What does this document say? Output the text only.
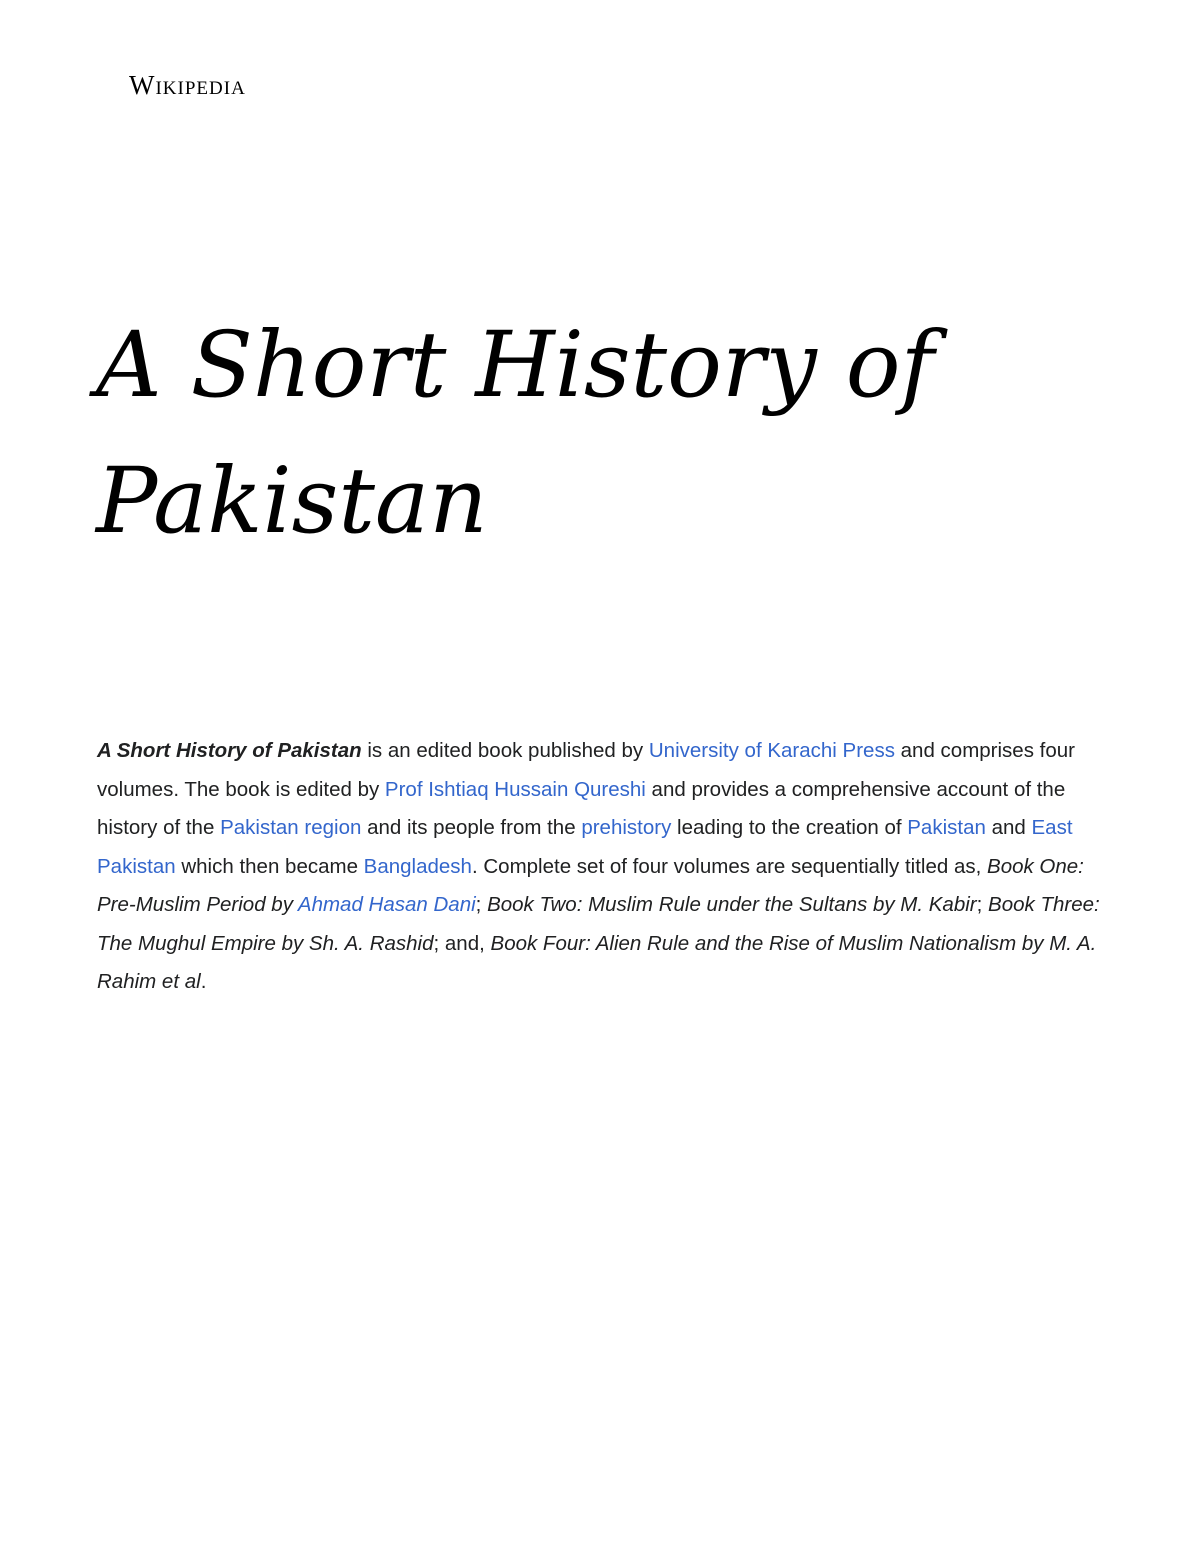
Wikipedia
A Short History of Pakistan

A Short History of Pakistan is an edited book published by University of Karachi Press and comprises four volumes. The book is edited by Prof Ishtiaq Hussain Qureshi and provides a comprehensive account of the history of the Pakistan region and its people from the prehistory leading to the creation of Pakistan and East Pakistan which then became Bangladesh. Complete set of four volumes are sequentially titled as, Book One: Pre-Muslim Period by Ahmad Hasan Dani; Book Two: Muslim Rule under the Sultans by M. Kabir; Book Three: The Mughul Empire by Sh. A. Rashid; and, Book Four: Alien Rule and the Rise of Muslim Nationalism by M. A. Rahim et al.
